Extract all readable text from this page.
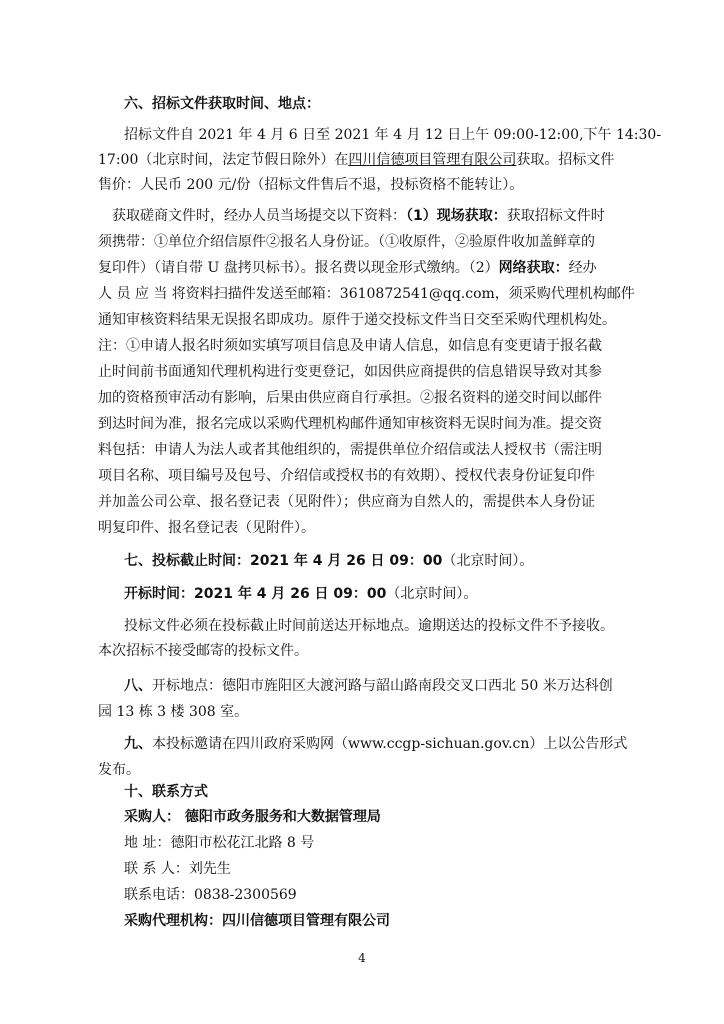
六、招标文件获取时间、地点：
招标文件自 2021 年 4 月 6 日至 2021 年 4 月 12 日上午 09:00-12:00,下午 14:30-
17:00（北京时间，法定节假日除外）在四川信德项目管理有限公司获取。招标文件
售价：人民币 200 元/份（招标文件售后不退，投标资格不能转让）。
获取磋商文件时，经办人员当场提交以下资料：（1）现场获取：获取招标文件时
须携带：①单位介绍信原件②报名人身份证。（①收原件，②验原件收加盖鲜章的
复印件）（请自带 U 盘拷贝标书）。报名费以现金形式缴纳。（2）网络获取：经办
人 员 应 当 将资料扫描件发送至邮箱：3610872541@qq.com，须采购代理机构邮件
通知审核资料结果无误报名即成功。原件于递交投标文件当日交至采购代理机构处。
注：①申请人报名时须如实填写项目信息及申请人信息，如信息有变更请于报名截
止时间前书面通知代理机构进行变更登记，如因供应商提供的信息错误导致对其参
加的资格预审活动有影响，后果由供应商自行承担。②报名资料的递交时间以邮件
到达时间为准，报名完成以采购代理机构邮件通知审核资料无误时间为准。提交资
料包括：申请人为法人或者其他组织的，需提供单位介绍信或法人授权书（需注明
项目名称、项目编号及包号、介绍信或授权书的有效期）、授权代表身份证复印件
并加盖公司公章、报名登记表（见附件）；供应商为自然人的，需提供本人身份证
明复印件、报名登记表（见附件）。
七、投标截止时间：2021 年 4 月 26 日 09：00（北京时间）。
开标时间：2021 年 4 月 26 日 09：00（北京时间）。
投标文件必须在投标截止时间前送达开标地点。逾期送达的投标文件不予接收。
本次招标不接受邮寄的投标文件。
八、开标地点：德阳市旌阳区大渡河路与韶山路南段交叉口西北 50 米万达科创
园 13 栋 3 楼 308 室。
九、本投标邀请在四川政府采购网（www.ccgp-sichuan.gov.cn）上以公告形式
发布。
十、联系方式
采购人： 德阳市政务服务和大数据管理局
地 址：德阳市松花江北路 8 号
联 系 人：刘先生
联系电话：0838-2300569
采购代理机构：四川信德项目管理有限公司
4
